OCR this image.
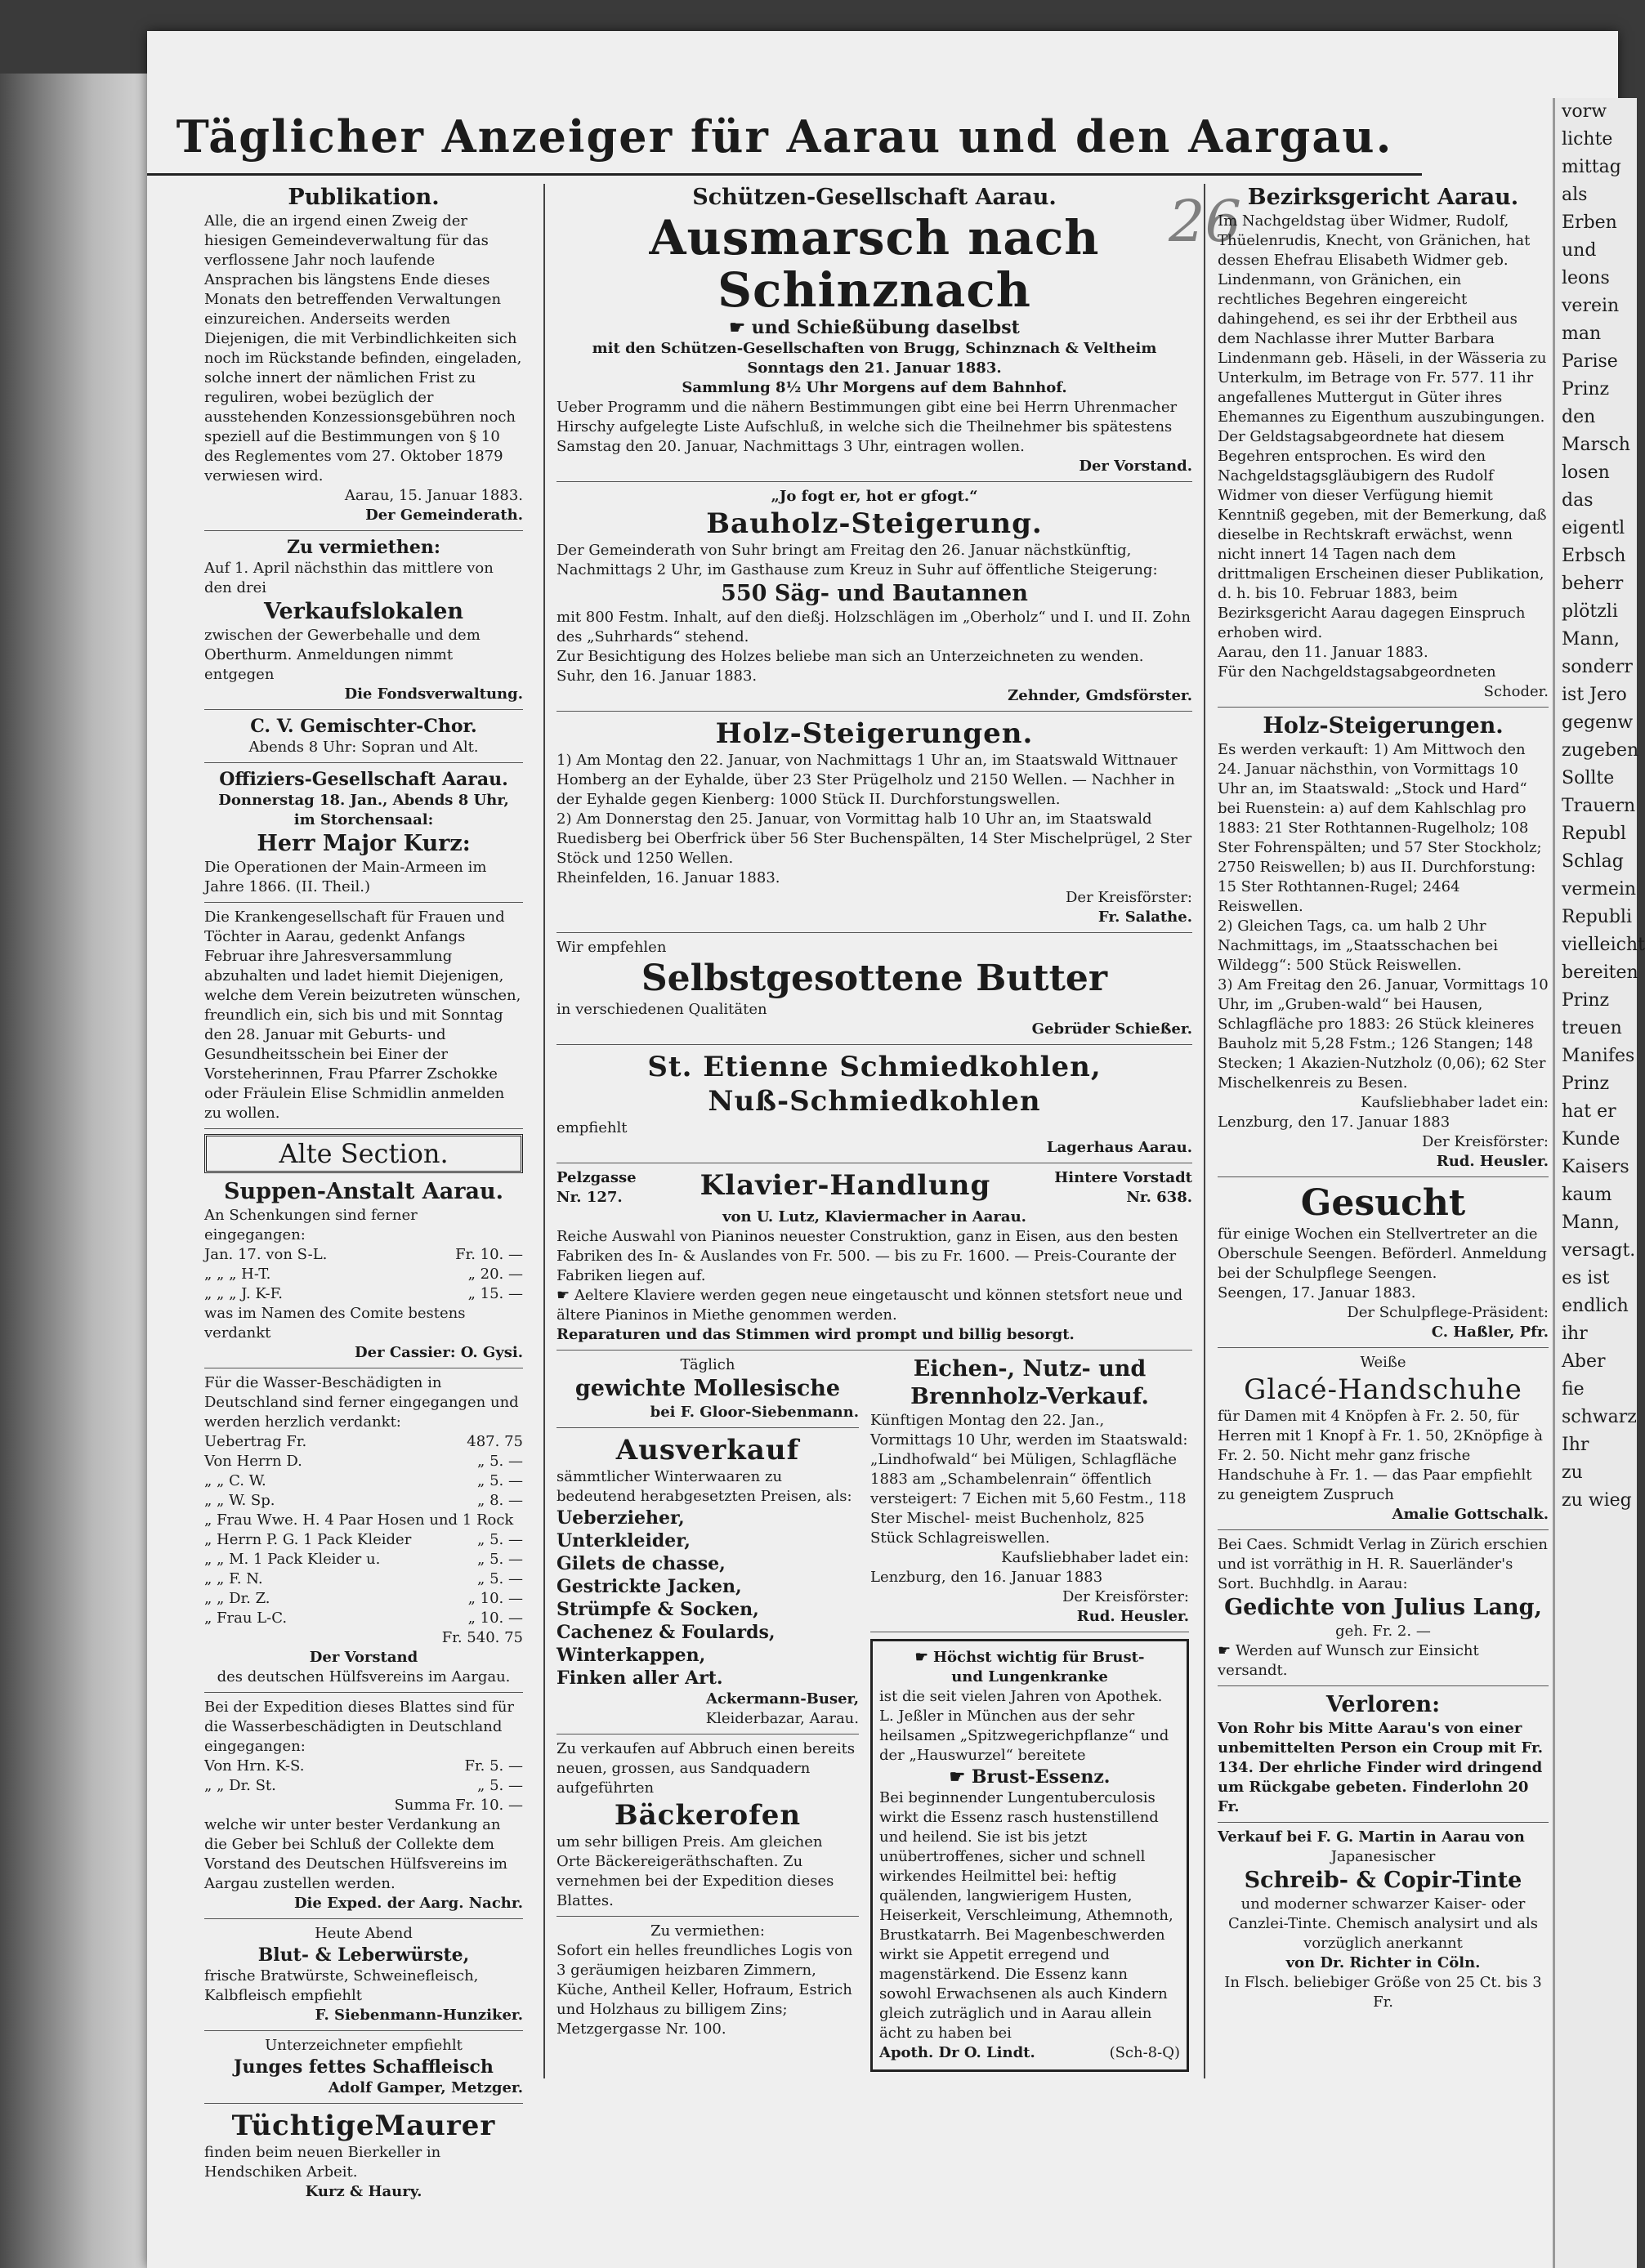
vorw
lichte
mittag
als
Erben
und
leons
verein
man
Parise
Prinz
den
Marsch
losen
das
eigentl
Erbsch
beherr
plötzli
Mann,
sonderr
ist Jero
gegenw
zugeben
Sollte
Trauern
Republ
Schlag
vermein
Republi
vielleicht
bereiten
Prinz
treuen
Manifes
Prinz
hat er
Kunde
Kaisers
kaum
Mann,
versagt.
es ist
endlich
ihr
Aber
fie
schwarz
Ihr
zu
zu wieg
Täglicher Anzeiger für Aarau und den Aargau.
26
Publikation.
Alle, die an irgend einen Zweig der hiesigen Gemeindeverwaltung für das verflossene Jahr noch laufende Ansprachen bis längstens Ende dieses Monats den betreffenden Verwaltungen einzureichen. Anderseits werden Diejenigen, die mit Verbindlichkeiten sich noch im Rückstande befinden, eingeladen, solche innert der nämlichen Frist zu reguliren, wobei bezüglich der ausstehenden Konzessionsgebühren noch speziell auf die Bestimmungen von § 10 des Reglementes vom 27. Oktober 1879 verwiesen wird.
Aarau, 15. Januar 1883.
Der Gemeinderath.
Zu vermiethen:
Auf 1. April nächsthin das mittlere von den drei
Verkaufslokalen
zwischen der Gewerbehalle und dem Oberthurm. Anmeldungen nimmt entgegen
Die Fondsverwaltung.
C. V. Gemischter-Chor.
Abends 8 Uhr: Sopran und Alt.
Offiziers-Gesellschaft Aarau.
Donnerstag 18. Jan., Abends 8 Uhr,
im Storchensaal:
Herr Major Kurz:
Die Operationen der Main-Armeen im Jahre 1866. (II. Theil.)
Die Krankengesellschaft für Frauen und Töchter in Aarau, gedenkt Anfangs Februar ihre Jahresversammlung abzuhalten und ladet hiemit Diejenigen, welche dem Verein beizutreten wünschen, freundlich ein, sich bis und mit Sonntag den 28. Januar mit Geburts- und Gesundheitsschein bei Einer der Vorsteherinnen, Frau Pfarrer Zschokke oder Fräulein Elise Schmidlin anmelden zu wollen.
Alte Section.
Suppen-Anstalt Aarau.
An Schenkungen sind ferner eingegangen:
Jan. 17. von S-L.	Fr. 10. —
„ „ „ H-T.	„ 20. —
„ „ „ J. K-F.	„ 15. —
was im Namen des Comite bestens verdankt
Der Cassier: O. Gysi.
Für die Wasser-Beschädigten in Deutschland sind ferner eingegangen und werden herzlich verdankt:
Uebertrag Fr.	487. 75
Von Herrn D.	„ 5. —
„ „ C. W.	„ 5. —
„ „ W. Sp.	„ 8. —
„ Frau Wwe. H. 4 Paar Hosen und 1 Rock
„ Herrn P. G. 1 Pack Kleider	„ 5. —
„ „ M. 1 Pack Kleider u.	„ 5. —
„ „ F. N.	„ 5. —
„ „ Dr. Z.	„ 10. —
„ Frau L-C.	„ 10. —
Fr. 540. 75
Der Vorstand
des deutschen Hülfsvereins im Aargau.
Bei der Expedition dieses Blattes sind für die Wasserbeschädigten in Deutschland eingegangen:
Von Hrn. K-S.	Fr. 5. —
„ „ Dr. St.	„ 5. —
Summa Fr. 10. —
welche wir unter bester Verdankung an die Geber bei Schluß der Collekte dem Vorstand des Deutschen Hülfsvereins im Aargau zustellen werden.
Die Exped. der Aarg. Nachr.
Heute Abend
Blut- & Leberwürste,
frische Bratwürste, Schweinefleisch, Kalbfleisch empfiehlt
F. Siebenmann-Hunziker.
Unterzeichneter empfiehlt
Junges fettes Schaffleisch
Adolf Gamper, Metzger.
TüchtigeMaurer
finden beim neuen Bierkeller in Hendschiken Arbeit.
Kurz & Haury.
Schützen-Gesellschaft Aarau.
Ausmarsch nach Schinznach
☛ und Schießübung daselbst
mit den Schützen-Gesellschaften von Brugg, Schinznach & Veltheim
Sonntags den 21. Januar 1883.
Sammlung 8½ Uhr Morgens auf dem Bahnhof.
Ueber Programm und die nähern Bestimmungen gibt eine bei Herrn Uhrenmacher Hirschy aufgelegte Liste Aufschluß, in welche sich die Theilnehmer bis spätestens Samstag den 20. Januar, Nachmittags 3 Uhr, eintragen wollen.
Der Vorstand.
„Jo fogt er, hot er gfogt.“
Bauholz-Steigerung.
Der Gemeinderath von Suhr bringt am Freitag den 26. Januar nächstkünftig, Nachmittags 2 Uhr, im Gasthause zum Kreuz in Suhr auf öffentliche Steigerung:
550 Säg- und Bautannen
mit 800 Festm. Inhalt, auf den dießj. Holzschlägen im „Oberholz“ und I. und II. Zohn des „Suhrhards“ stehend.
Zur Besichtigung des Holzes beliebe man sich an Unterzeichneten zu wenden.
Suhr, den 16. Januar 1883.
Zehnder, Gmdsförster.
Holz-Steigerungen.
1) Am Montag den 22. Januar, von Nachmittags 1 Uhr an, im Staatswald Wittnauer Homberg an der Eyhalde, über 23 Ster Prügelholz und 2150 Wellen. — Nachher in der Eyhalde gegen Kienberg: 1000 Stück II. Durchforstungswellen.
2) Am Donnerstag den 25. Januar, von Vormittag halb 10 Uhr an, im Staatswald Ruedisberg bei Oberfrick über 56 Ster Buchenspälten, 14 Ster Mischelprügel, 2 Ster Stöck und 1250 Wellen.
Rheinfelden, 16. Januar 1883.
Der Kreisförster:
Fr. Salathe.
Wir empfehlen
Selbstgesottene Butter
in verschiedenen Qualitäten
Gebrüder Schießer.
St. Etienne Schmiedkohlen,
Nuß-Schmiedkohlen
empfiehlt
Lagerhaus Aarau.
Pelzgasse
Nr. 127.	Klavier-Handlung	Hintere Vorstadt
Nr. 638.
von U. Lutz, Klaviermacher in Aarau.
Reiche Auswahl von Pianinos neuester Construktion, ganz in Eisen, aus den besten Fabriken des In- & Auslandes von Fr. 500. — bis zu Fr. 1600. — Preis-Courante der Fabriken liegen auf.
☛ Aeltere Klaviere werden gegen neue eingetauscht und können stetsfort neue und ältere Pianinos in Miethe genommen werden.
Reparaturen und das Stimmen wird prompt und billig besorgt.
Täglich
gewichte Mollesische
bei F. Gloor-Siebenmann.
Ausverkauf
sämmtlicher Winterwaaren zu bedeutend herabgesetzten Preisen, als:
Ueberzieher,
Unterkleider,
Gilets de chasse,
Gestrickte Jacken,
Strümpfe & Socken,
Cachenez & Foulards,
Winterkappen,
Finken aller Art.
Ackermann-Buser,
Kleiderbazar, Aarau.
Zu verkaufen auf Abbruch einen bereits neuen, grossen, aus Sandquadern aufgeführten
Bäckerofen
um sehr billigen Preis. Am gleichen Orte Bäckereigeräthschaften. Zu vernehmen bei der Expedition dieses Blattes.
Zu vermiethen:
Sofort ein helles freundliches Logis von 3 geräumigen heizbaren Zimmern, Küche, Antheil Keller, Hofraum, Estrich und Holzhaus zu billigem Zins; Metzgergasse Nr. 100.
Eichen-, Nutz- und Brennholz-Verkauf.
Künftigen Montag den 22. Jan., Vormittags 10 Uhr, werden im Staatswald: „Lindhofwald“ bei Müligen, Schlagfläche 1883 am „Schambelenrain“ öffentlich versteigert: 7 Eichen mit 5,60 Festm., 118 Ster Mischel- meist Buchenholz, 825 Stück Schlagreiswellen.
Kaufsliebhaber ladet ein:
Lenzburg, den 16. Januar 1883
Der Kreisförster:
Rud. Heusler.
☛ Höchst wichtig für Brust-
und Lungenkranke
ist die seit vielen Jahren von Apothek. L. Jeßler in München aus der sehr heilsamen „Spitzwegerichpflanze“ und der „Hauswurzel“ bereitete
☛ Brust-Essenz.
Bei beginnender Lungentuberculosis wirkt die Essenz rasch hustenstillend und heilend. Sie ist bis jetzt unübertroffenes, sicher und schnell wirkendes Heilmittel bei: heftig quälenden, langwierigem Husten, Heiserkeit, Verschleimung, Athemnoth, Brustkatarrh. Bei Magenbeschwerden wirkt sie Appetit erregend und magenstärkend. Die Essenz kann sowohl Erwachsenen als auch Kindern gleich zuträglich und in Aarau allein ächt zu haben bei
Apoth. Dr O. Lindt.	(Sch-8-Q)
Bezirksgericht Aarau.
Im Nachgeldstag über Widmer, Rudolf, Thüelenrudis, Knecht, von Gränichen, hat dessen Ehefrau Elisabeth Widmer geb. Lindenmann, von Gränichen, ein rechtliches Begehren eingereicht dahingehend, es sei ihr der Erbtheil aus dem Nachlasse ihrer Mutter Barbara Lindenmann geb. Häseli, in der Wässeria zu Unterkulm, im Betrage von Fr. 577. 11 ihr angefallenes Muttergut in Güter ihres Ehemannes zu Eigenthum auszubingungen. Der Geldstagsabgeordnete hat diesem Begehren entsprochen. Es wird den Nachgeldstagsgläubigern des Rudolf Widmer von dieser Verfügung hiemit Kenntniß gegeben, mit der Bemerkung, daß dieselbe in Rechtskraft erwächst, wenn nicht innert 14 Tagen nach dem drittmaligen Erscheinen dieser Publikation, d. h. bis 10. Februar 1883, beim Bezirksgericht Aarau dagegen Einspruch erhoben wird.
Aarau, den 11. Januar 1883.
Für den Nachgeldstagsabgeordneten
Schoder.
Holz-Steigerungen.
Es werden verkauft: 1) Am Mittwoch den 24. Januar nächsthin, von Vormittags 10 Uhr an, im Staatswald: „Stock und Hard“ bei Ruenstein: a) auf dem Kahlschlag pro 1883: 21 Ster Rothtannen-Rugelholz; 108 Ster Fohrenspälten; und 57 Ster Stockholz; 2750 Reiswellen; b) aus II. Durchforstung: 15 Ster Rothtannen-Rugel; 2464 Reiswellen.
2) Gleichen Tags, ca. um halb 2 Uhr Nachmittags, im „Staatsschachen bei Wildegg“: 500 Stück Reiswellen.
3) Am Freitag den 26. Januar, Vormittags 10 Uhr, im „Gruben-wald“ bei Hausen, Schlagfläche pro 1883: 26 Stück kleineres Bauholz mit 5,28 Fstm.; 126 Stangen; 148 Stecken; 1 Akazien-Nutzholz (0,06); 62 Ster Mischelkenreis zu Besen.
Kaufsliebhaber ladet ein:
Lenzburg, den 17. Januar 1883
Der Kreisförster:
Rud. Heusler.
Gesucht
für einige Wochen ein Stellvertreter an die Oberschule Seengen. Beförderl. Anmeldung bei der Schulpflege Seengen.
Seengen, 17. Januar 1883.
Der Schulpflege-Präsident:
C. Haßler, Pfr.
Weiße
Glacé-Handschuhe
für Damen mit 4 Knöpfen à Fr. 2. 50, für Herren mit 1 Knopf à Fr. 1. 50, 2Knöpfige à Fr. 2. 50. Nicht mehr ganz frische Handschuhe à Fr. 1. — das Paar empfiehlt zu geneigtem Zuspruch
Amalie Gottschalk.
Bei Caes. Schmidt Verlag in Zürich erschien und ist vorräthig in H. R. Sauerländer's Sort. Buchhdlg. in Aarau:
Gedichte von Julius Lang,
geh. Fr. 2. —
☛ Werden auf Wunsch zur Einsicht versandt.
Verloren:
Von Rohr bis Mitte Aarau's von einer unbemittelten Person ein Croup mit Fr. 134. Der ehrliche Finder wird dringend um Rückgabe gebeten. Finderlohn 20 Fr.
Verkauf bei F. G. Martin in Aarau von
Japanesischer
Schreib- & Copir-Tinte
und moderner schwarzer Kaiser- oder Canzlei-Tinte. Chemisch analysirt und als vorzüglich anerkannt
von Dr. Richter in Cöln.
In Flsch. beliebiger Größe von 25 Ct. bis 3 Fr.
